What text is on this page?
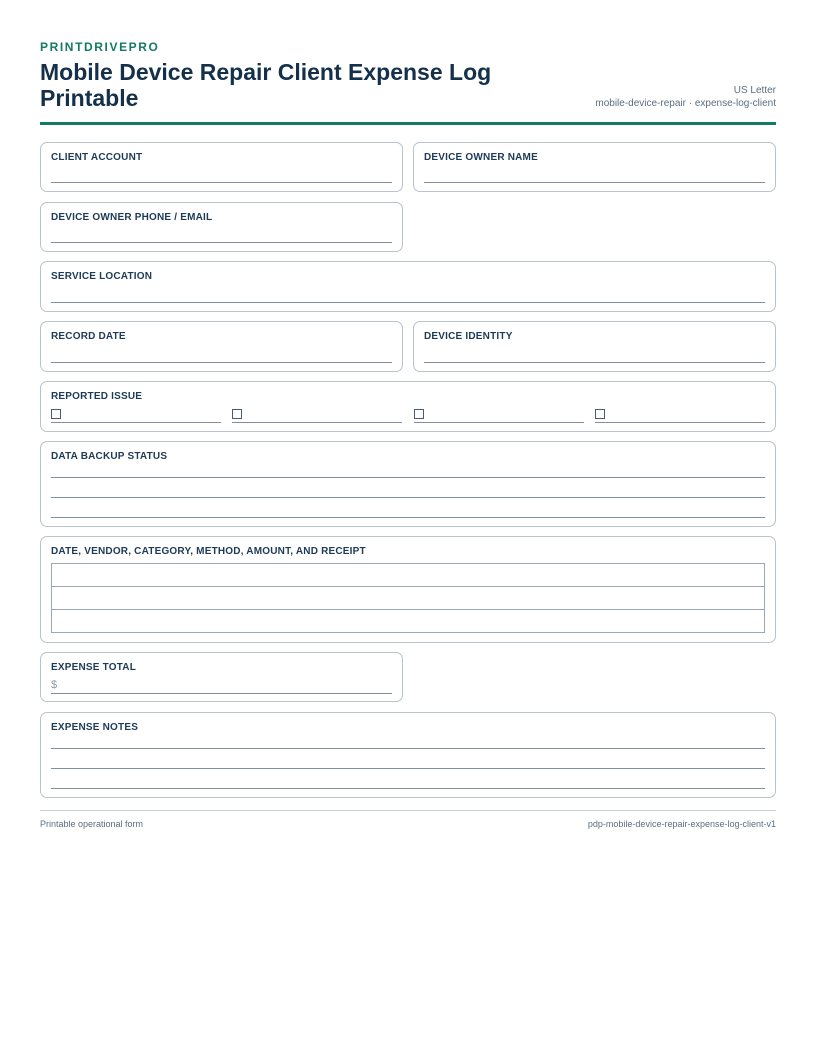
PRINTDRIVEPRO
Mobile Device Repair Client Expense Log Printable	US Letter
mobile-device-repair · expense-log-client
CLIENT ACCOUNT	DEVICE OWNER NAME
DEVICE OWNER PHONE / EMAIL
SERVICE LOCATION
RECORD DATE	DEVICE IDENTITY
REPORTED ISSUE
DATA BACKUP STATUS
DATE, VENDOR, CATEGORY, METHOD, AMOUNT, AND RECEIPT

EXPENSE TOTAL
$
EXPENSE NOTES
Printable operational form	pdp-mobile-device-repair-expense-log-client-v1
